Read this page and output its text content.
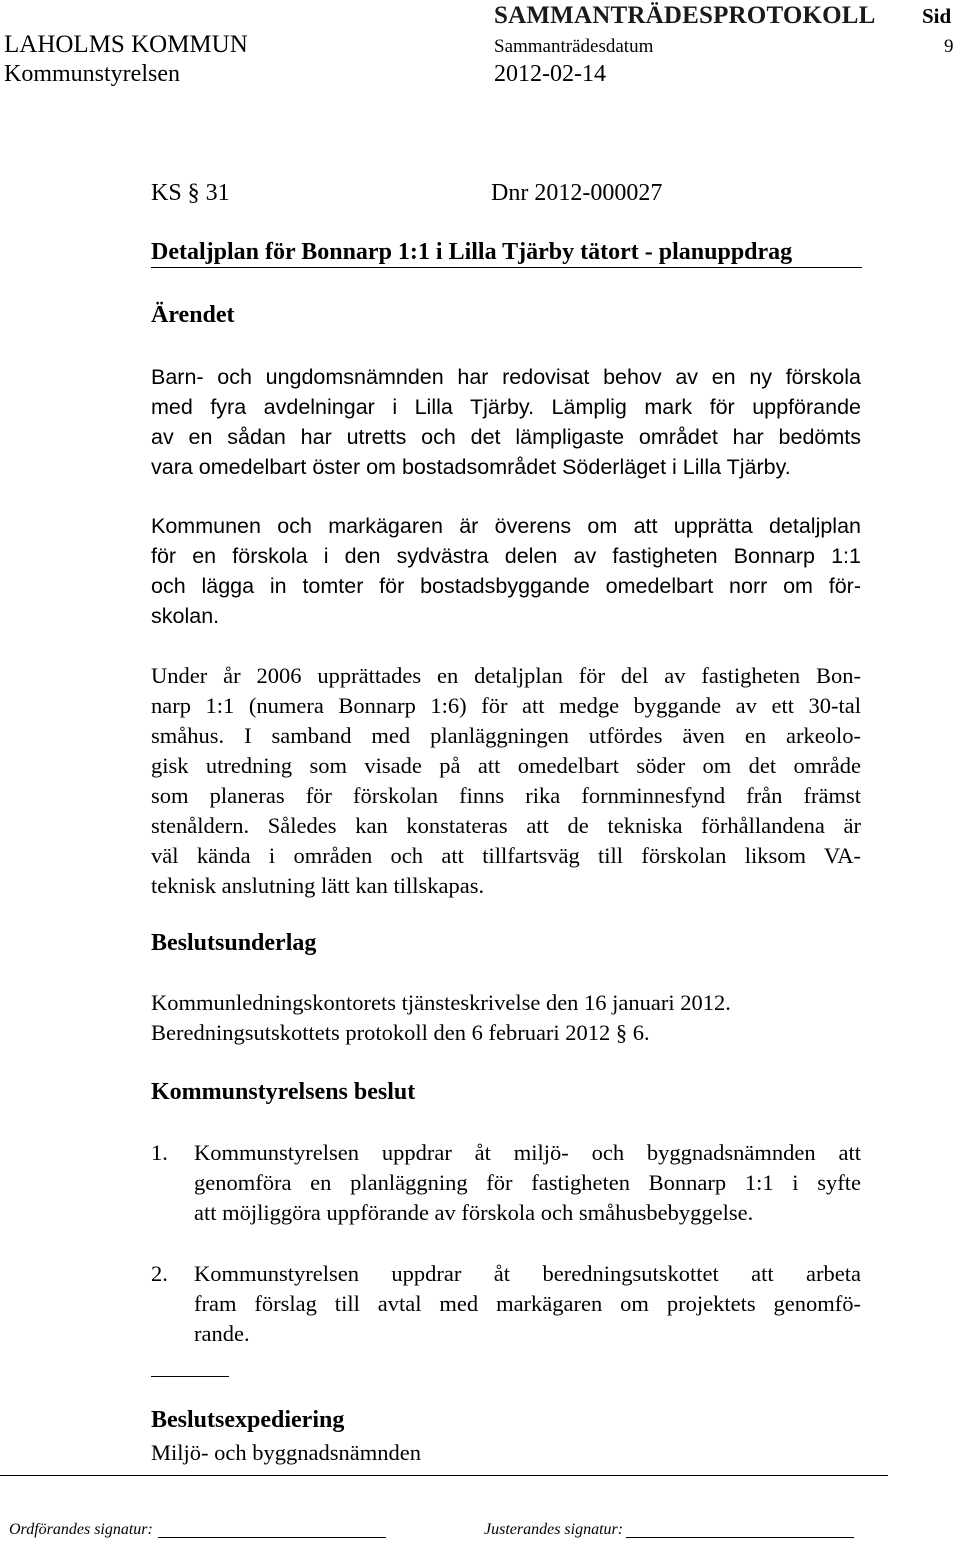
SAMMANTRÄDESPROTOKOLL Sid
LAHOLMS KOMMUN	Sammanträdesdatum	9
Kommunstyrelsen	2012-02-14
KS § 31	Dnr 2012-000027
Detaljplan för Bonnarp 1:1 i Lilla Tjärby tätort - planuppdrag
Ärendet
Barn- och ungdomsnämnden har redovisat behov av en ny förskola
med fyra avdelningar i Lilla Tjärby. Lämplig mark för uppförande
av en sådan har utretts och det lämpligaste området har bedömts
vara omedelbart öster om bostadsområdet Söderläget i Lilla Tjärby.
Kommunen och markägaren är överens om att upprätta detaljplan
för en förskola i den sydvästra delen av fastigheten Bonnarp 1:1
och lägga in tomter för bostadsbyggande omedelbart norr om för-
skolan.
Under år 2006 upprättades en detaljplan för del av fastigheten Bon-
narp 1:1 (numera Bonnarp 1:6) för att medge byggande av ett 30-tal
småhus. I samband med planläggningen utfördes även en arkeolo-
gisk utredning som visade på att omedelbart söder om det område
som planeras för förskolan finns rika fornminnesfynd från främst
stenåldern. Således kan konstateras att de tekniska förhållandena är
väl kända i områden och att tillfartsväg till förskolan liksom VA-
teknisk anslutning lätt kan tillskapas.
Beslutsunderlag
Kommunledningskontorets tjänsteskrivelse den 16 januari 2012.
Beredningsutskottets protokoll den 6 februari 2012 § 6.
Kommunstyrelsens beslut
1. Kommunstyrelsen uppdrar åt miljö- och byggnadsnämnden att
genomföra en planläggning för fastigheten Bonnarp 1:1 i syfte
att möjliggöra uppförande av förskola och småhusbebyggelse.
2. Kommunstyrelsen uppdrar åt beredningsutskottet att arbeta
fram förslag till avtal med markägaren om projektets genomfö-
rande.
Beslutsexpediering
Miljö- och byggnadsnämnden
Ordförandes signatur:	Justerandes signatur:
